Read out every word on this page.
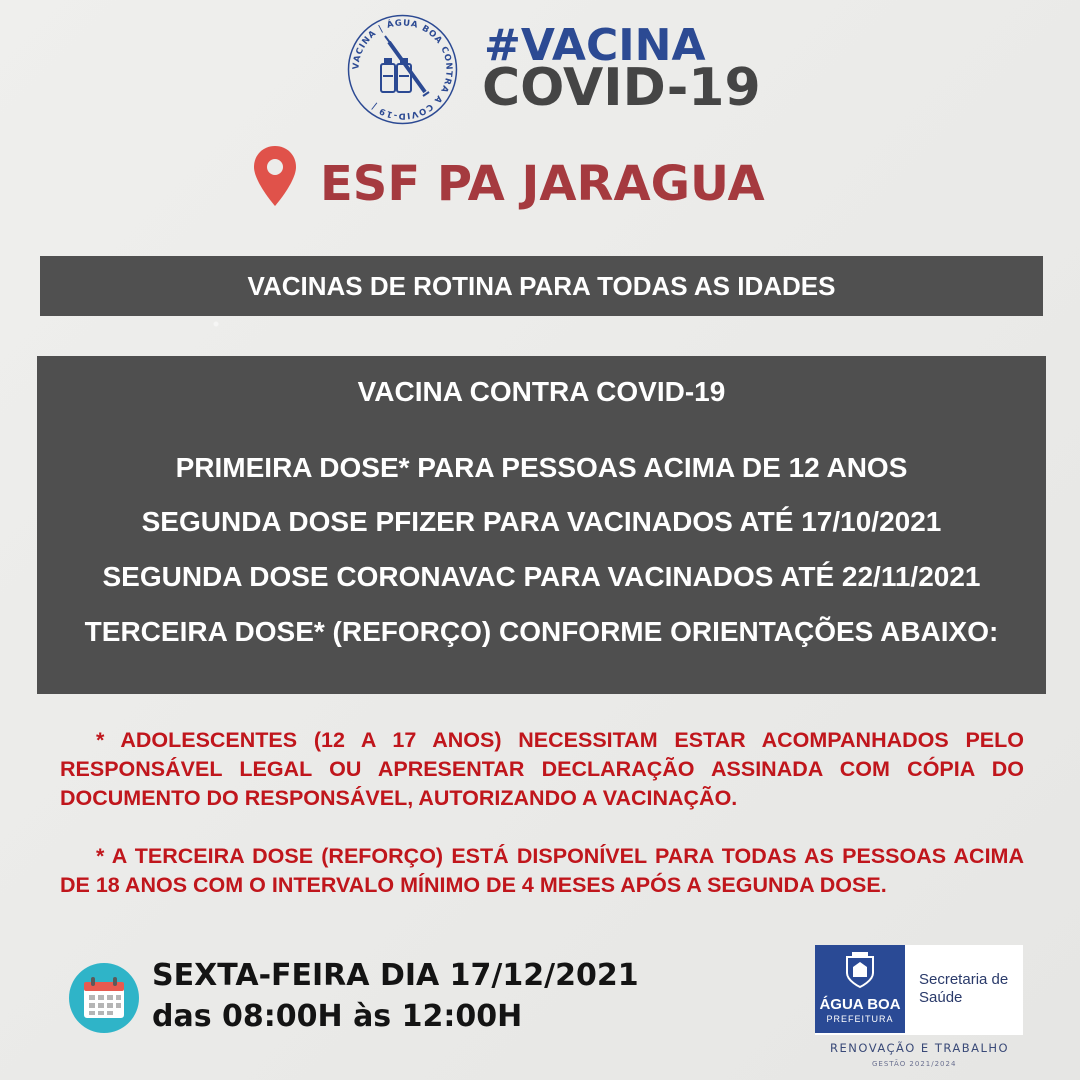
VACINA | ÁGUA BOA CONTRA A COVID-19 |
#VACINA
COVID-19
ESF PA JARAGUA
VACINAS DE ROTINA PARA TODAS AS IDADES
VACINA CONTRA COVID-19
PRIMEIRA DOSE* PARA PESSOAS ACIMA DE 12 ANOS
SEGUNDA DOSE PFIZER PARA VACINADOS ATÉ 17/10/2021
SEGUNDA DOSE CORONAVAC PARA VACINADOS ATÉ 22/11/2021
TERCEIRA DOSE* (REFORÇO) CONFORME ORIENTAÇÕES ABAIXO:
* ADOLESCENTES (12 A 17 ANOS) NECESSITAM ESTAR ACOMPANHADOS PELO RESPONSÁVEL LEGAL OU APRESENTAR DECLARAÇÃO ASSINADA COM CÓPIA DO DOCUMENTO DO RESPONSÁVEL, AUTORIZANDO A VACINAÇÃO.
* A TERCEIRA DOSE (REFORÇO) ESTÁ DISPONÍVEL PARA TODAS AS PESSOAS ACIMA DE 18 ANOS COM O INTERVALO MÍNIMO DE 4 MESES APÓS A SEGUNDA DOSE.
SEXTA-FEIRA DIA 17/12/2021
das 08:00H às 12:00H	ÁGUA BOA
PREFEITURA
Secretaria de
Saúde
RENOVAÇÃO E TRABALHO
GESTÃO 2021/2024
